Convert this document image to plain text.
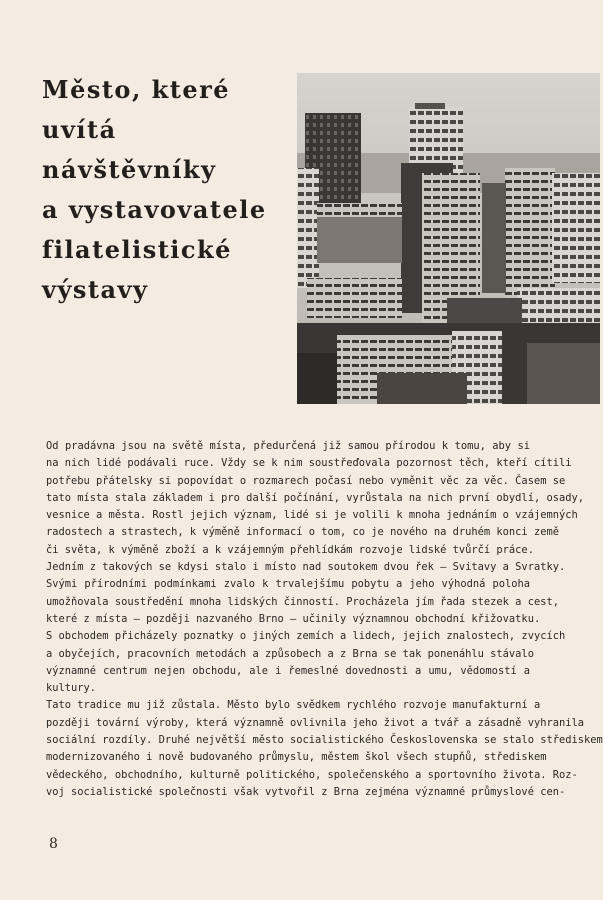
Město, které
uvítá
návštěvníky
a vystavovatele
filatelistické
výstavy
Od pradávna jsou na světě místa, předurčená již samou přírodou k tomu, aby si
na nich lidé podávali ruce. Vždy se k nim soustřeďovala pozornost těch, kteří cítili
potřebu přátelsky si popovídat o rozmarech počasí nebo vyměnit věc za věc. Časem se
tato místa stala základem i pro další počínání, vyrůstala na nich první obydlí, osady,
vesnice a města. Rostl jejich význam, lidé si je volili k mnoha jednáním o vzájemných
radostech a strastech, k výměně informací o tom, co je nového na druhém konci země
či světa, k výměně zboží a k vzájemným přehlídkám rozvoje lidské tvůrčí práce.
Jedním z takových se kdysi stalo i místo nad soutokem dvou řek — Svitavy a Svratky.
Svými přírodními podmínkami zvalo k trvalejšímu pobytu a jeho výhodná poloha
umožňovala soustředění mnoha lidských činností. Procházela jím řada stezek a cest,
které z místa — později nazvaného Brno — učinily významnou obchodní křižovatku.
S obchodem přicházely poznatky o jiných zemích a lidech, jejich znalostech, zvycích
a obyčejích, pracovních metodách a způsobech a z Brna se tak ponenáhlu stávalo
významné centrum nejen obchodu, ale i řemeslné dovednosti a umu, vědomostí a
kultury.
Tato tradice mu již zůstala. Město bylo svědkem rychlého rozvoje manufakturní a
později tovární výroby, která významně ovlivnila jeho život a tvář a zásadně vyhranila
sociální rozdíly. Druhé největší město socialistického Československa se stalo střediskem
modernizovaného i nově budovaného průmyslu, městem škol všech stupňů, střediskem
vědeckého, obchodního, kulturně politického, společenského a sportovního života. Roz-
voj socialistické společnosti však vytvořil z Brna zejména významné průmyslové cen-
8
